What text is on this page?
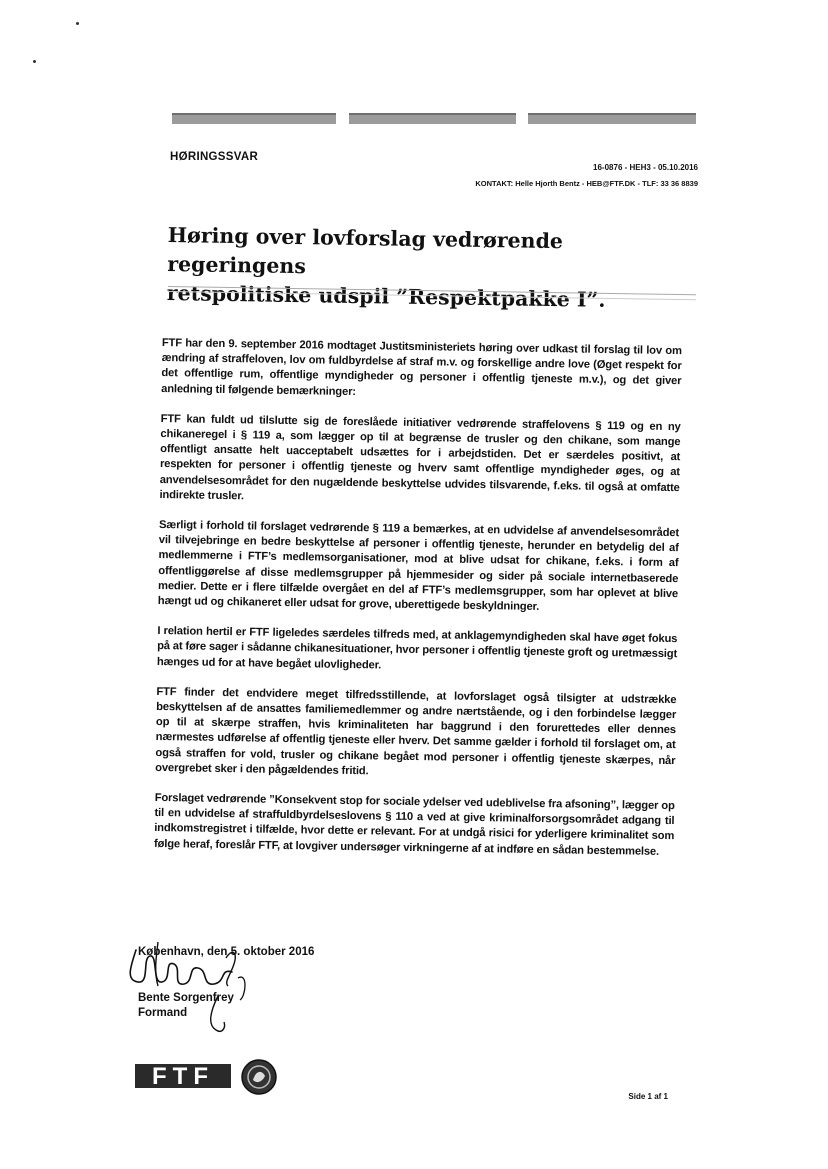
HØRINGSSVAR
16-0876 - HEH3 - 05.10.2016
KONTAKT: Helle Hjorth Bentz - HEB@FTF.DK - TLF: 33 36 8839
Høring over lovforslag vedrørende regeringens
retspolitiske udspil ”Respektpakke I”.

FTF har den 9. september 2016 modtaget Justitsministeriets høring over udkast til forslag til lov om ændring af straffeloven, lov om fuldbyrdelse af straf m.v. og forskellige andre love (Øget respekt for det offentlige rum, offentlige myndigheder og personer i offentlig tjeneste m.v.), og det giver anledning til følgende bemærkninger:

FTF kan fuldt ud tilslutte sig de foreslåede initiativer vedrørende straffelovens § 119 og en ny chikaneregel i § 119 a, som lægger op til at begrænse de trusler og den chikane, som mange offentligt ansatte helt uacceptabelt udsættes for i arbejdstiden. Det er særdeles positivt, at respekten for personer i offentlig tjeneste og hverv samt offentlige myndigheder øges, og at anvendelsesområdet for den nugældende beskyttelse udvides tilsvarende, f.eks. til også at omfatte indirekte trusler.

Særligt i forhold til forslaget vedrørende § 119 a bemærkes, at en udvidelse af anvendelsesområdet vil tilvejebringe en bedre beskyttelse af personer i offentlig tjeneste, herunder en betydelig del af medlemmerne i FTF’s medlemsorganisationer, mod at blive udsat for chikane, f.eks. i form af offentliggørelse af disse medlemsgrupper på hjemmesider og sider på sociale internetbaserede medier. Dette er i flere tilfælde overgået en del af FTF’s medlemsgrupper, som har oplevet at blive hængt ud og chikaneret eller udsat for grove, uberettigede beskyldninger.

I relation hertil er FTF ligeledes særdeles tilfreds med, at anklagemyndigheden skal have øget fokus på at føre sager i sådanne chikanesituationer, hvor personer i offentlig tjeneste groft og uretmæssigt hænges ud for at have begået ulovligheder.

FTF finder det endvidere meget tilfredsstillende, at lovforslaget også tilsigter at udstrække beskyttelsen af de ansattes familiemedlemmer og andre nærtstående, og i den forbindelse lægger op til at skærpe straffen, hvis kriminaliteten har baggrund i den forurettedes eller dennes nærmestes udførelse af offentlig tjeneste eller hverv. Det samme gælder i forhold til forslaget om, at også straffen for vold, trusler og chikane begået mod personer i offentlig tjeneste skærpes, når overgrebet sker i den pågældendes fritid.

Forslaget vedrørende ”Konsekvent stop for sociale ydelser ved udeblivelse fra afsoning”, lægger op til en udvidelse af straffuldbyrdelseslovens § 110 a ved at give kriminalforsorgsområdet adgang til indkomstregistret i tilfælde, hvor dette er relevant. For at undgå risici for yderligere kriminalitet som følge heraf, foreslår FTF, at lovgiver undersøger virkningerne af at indføre en sådan bestemmelse.

København, den 5. oktober 2016
Bente Sorgenfrey
Formand
FTF
Side 1 af 1
